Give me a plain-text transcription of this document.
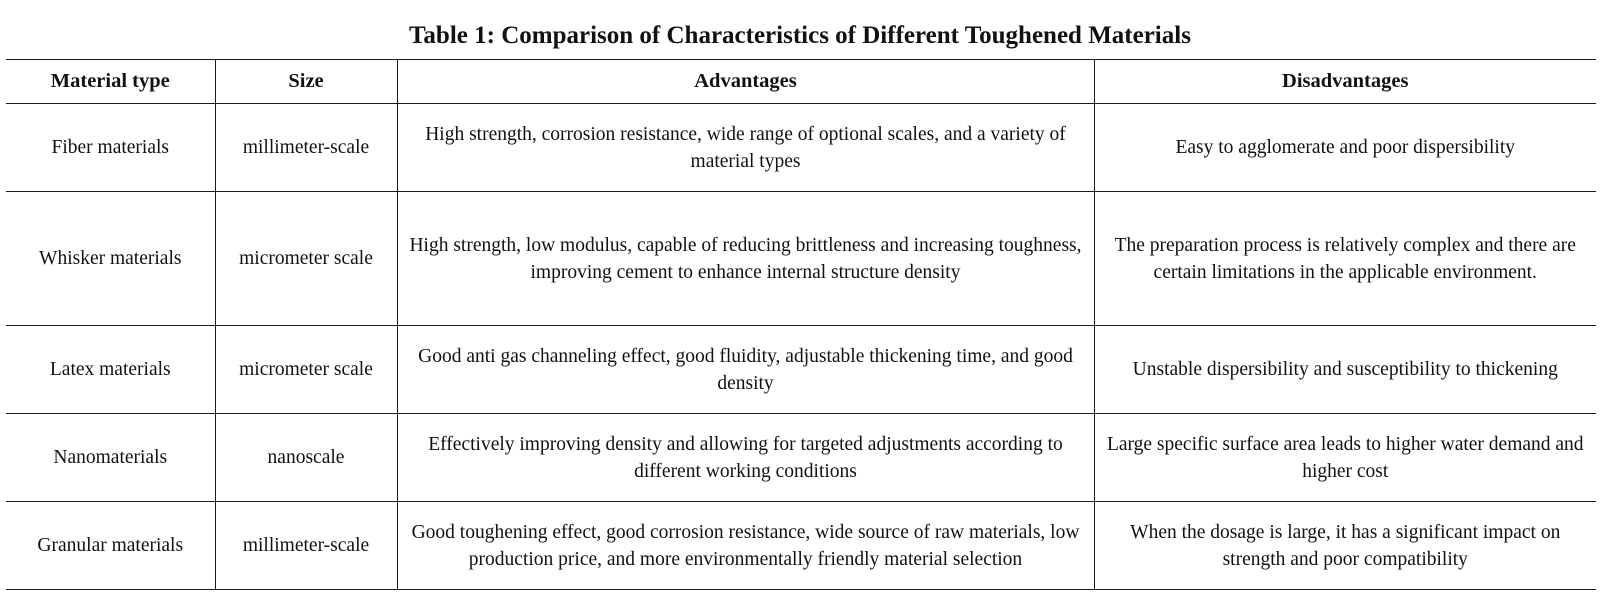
Table 1: Comparison of Characteristics of Different Toughened Materials
Material type	Size	Advantages	Disadvantages
Fiber materials	millimeter-scale	High strength, corrosion resistance, wide range of optional scales, and a variety of material types	Easy to agglomerate and poor dispersibility
Whisker materials	micrometer scale	High strength, low modulus, capable of reducing brittleness and increasing toughness, improving cement to enhance internal structure density	The preparation process is relatively complex and there are certain limitations in the applicable environment.
Latex materials	micrometer scale	Good anti gas channeling effect, good fluidity, adjustable thickening time, and good density	Unstable dispersibility and susceptibility to thickening
Nanomaterials	nanoscale	Effectively improving density and allowing for targeted adjustments according to different working conditions	Large specific surface area leads to higher water demand and higher cost
Granular materials	millimeter-scale	Good toughening effect, good corrosion resistance, wide source of raw materials, low production price, and more environmentally friendly material selection	When the dosage is large, it has a significant impact on strength and poor compatibility
